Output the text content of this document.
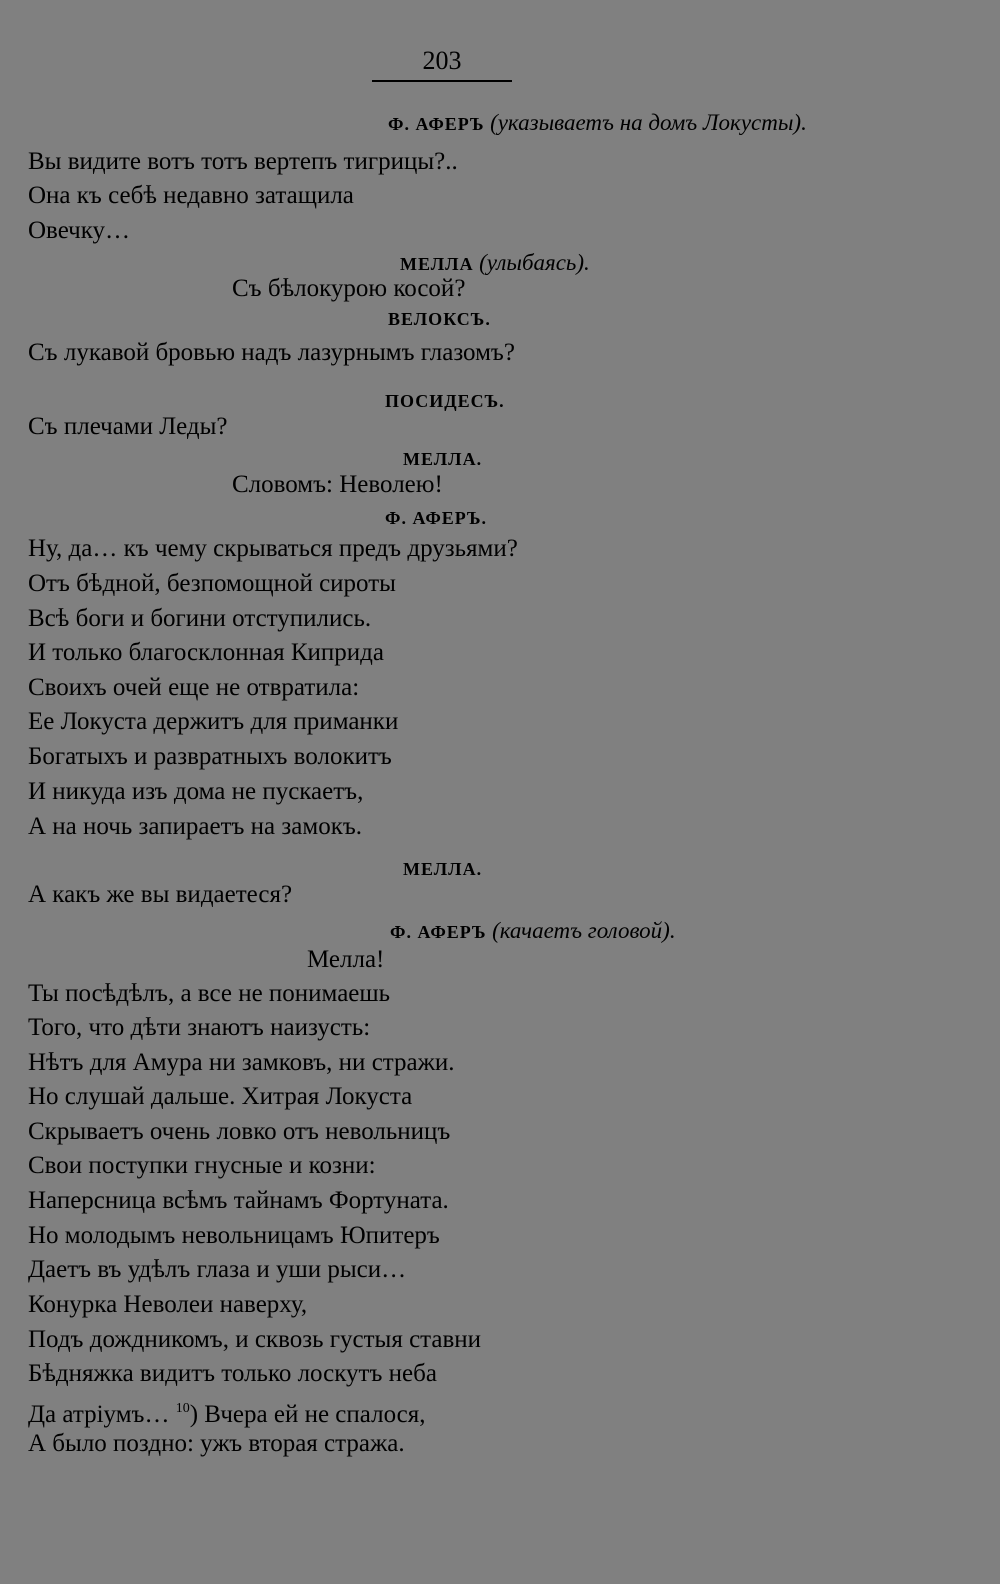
203
Ф. АФЕРЪ (указываетъ на домъ Локусты).
Вы видите вотъ тотъ вертепъ тигрицы?..
Она къ себѣ недавно затащила
Овечку…
МЕЛЛА (улыбаясь).
Съ бѣлокурою косой?
ВЕЛОКСЪ.
Съ лукавой бровью надъ лазурнымъ глазомъ?
ПОСИДЕСЪ.
Съ плечами Леды?
МЕЛЛА.
Словомъ: Неволею!
Ф. АФЕРЪ.
Ну, да… къ чему скрываться предъ друзьями?
Отъ бѣдной, безпомощной сироты
Всѣ боги и богини отступились.
И только благосклонная Киприда
Своихъ очей еще не отвратила:
Ее Локуста держитъ для приманки
Богатыхъ и развратныхъ волокитъ
И никуда изъ дома не пускаетъ,
А на ночь запираетъ на замокъ.
МЕЛЛА.
А какъ же вы видаетеся?
Ф. АФЕРЪ (качаетъ головой).
Мелла!
Ты посѣдѣлъ, а все не понимаешь
Того, что дѣти знаютъ наизусть:
Нѣтъ для Амура ни замковъ, ни стражи.
Но слушай дальше. Хитрая Локуста
Скрываетъ очень ловко отъ невольницъ
Свои поступки гнусные и козни:
Наперсница всѣмъ тайнамъ Фортуната.
Но молодымъ невольницамъ Юпитеръ
Даетъ въ удѣлъ глаза и уши рыси…
Конурка Неволеи наверху,
Подъ дождникомъ, и сквозь густыя ставни
Бѣдняжка видитъ только лоскутъ неба
Да атріумъ… $^{10}$) Вчера ей не спалося,
А было поздно: ужъ вторая стража.
